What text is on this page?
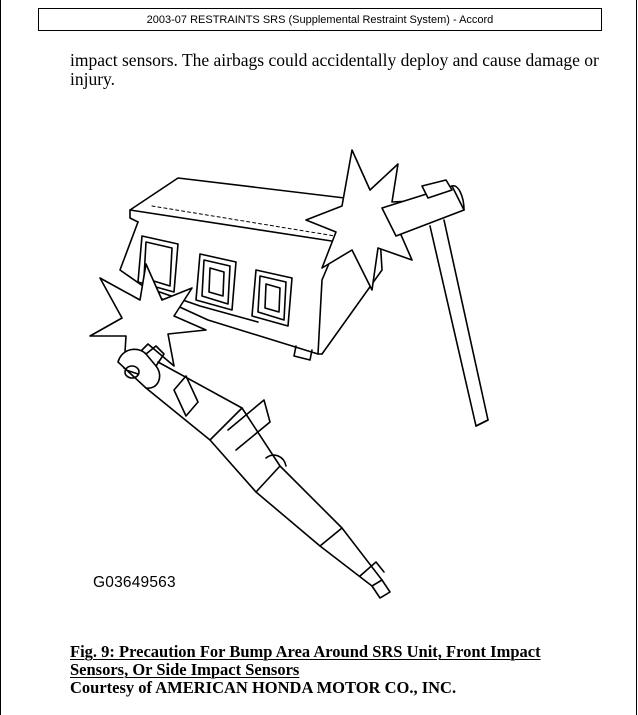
2003-07 RESTRAINTS SRS (Supplemental Restraint System) - Accord
impact sensors. The airbags could accidentally deploy and cause damage or injury.
G03649563
Fig. 9: Precaution For Bump Area Around SRS Unit, Front Impact Sensors, Or Side Impact Sensors
Courtesy of AMERICAN HONDA MOTOR CO., INC.
